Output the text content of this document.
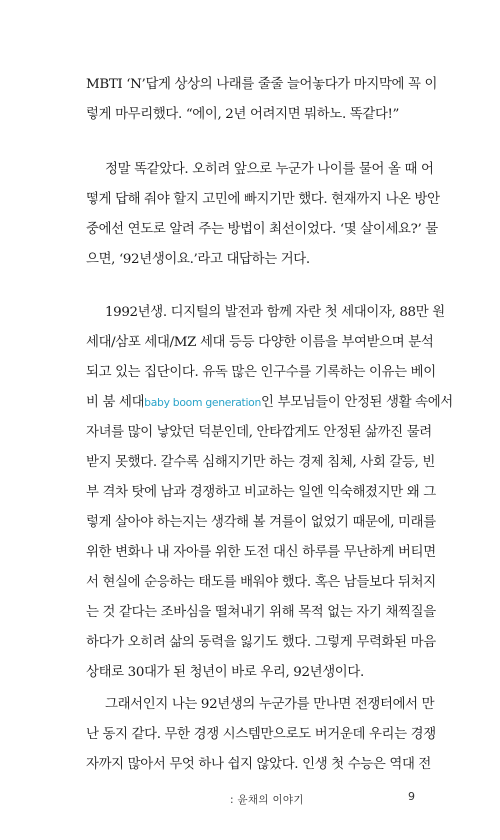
MBTI ‘N’답게 상상의 나래를 줄줄 늘어놓다가 마지막에 꼭 이
렇게 마무리했다. “에이, 2년 어려지면 뭐하노. 똑같다!”
정말 똑같았다. 오히려 앞으로 누군가 나이를 물어 올 때 어
떻게 답해 줘야 할지 고민에 빠지기만 했다. 현재까지 나온 방안
중에선 연도로 알려 주는 방법이 최선이었다. ‘몇 살이세요?’ 물
으면, ‘92년생이요.’라고 대답하는 거다.
1992년생. 디지털의 발전과 함께 자란 첫 세대이자, 88만 원
세대/삼포 세대/MZ 세대 등등 다양한 이름을 부여받으며 분석
되고 있는 집단이다. 유독 많은 인구수를 기록하는 이유는 베이
비 붐 세대baby boom generation인 부모님들이 안정된 생활 속에서
자녀를 많이 낳았던 덕분인데, 안타깝게도 안정된 삶까진 물려
받지 못했다. 갈수록 심해지기만 하는 경제 침체, 사회 갈등, 빈
부 격차 탓에 남과 경쟁하고 비교하는 일엔 익숙해졌지만 왜 그
렇게 살아야 하는지는 생각해 볼 겨를이 없었기 때문에, 미래를
위한 변화나 내 자아를 위한 도전 대신 하루를 무난하게 버티면
서 현실에 순응하는 태도를 배워야 했다. 혹은 남들보다 뒤처지
는 것 같다는 조바심을 떨쳐내기 위해 목적 없는 자기 채찍질을
하다가 오히려 삶의 동력을 잃기도 했다. 그렇게 무력화된 마음
상태로 30대가 된 청년이 바로 우리, 92년생이다.
그래서인지 나는 92년생의 누군가를 만나면 전쟁터에서 만
난 동지 같다. 무한 경쟁 시스템만으로도 버거운데 우리는 경쟁
자까지 많아서 무엇 하나 쉽지 않았다. 인생 첫 수능은 역대 전
: 윤채의 이야기	9
